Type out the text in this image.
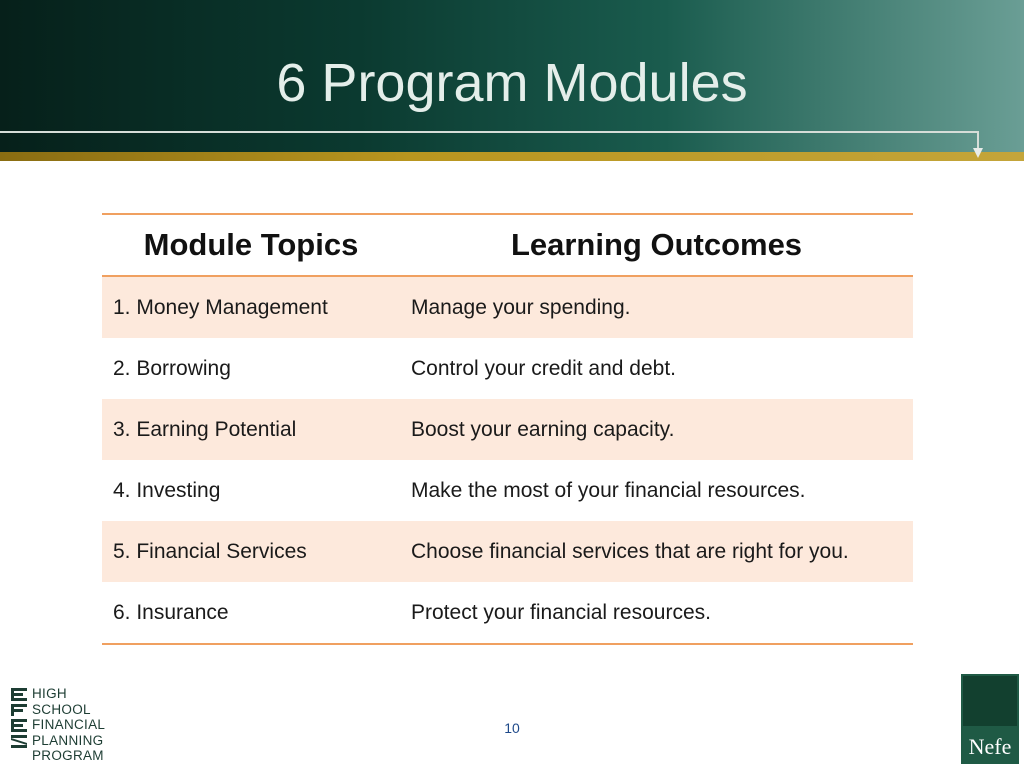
6 Program Modules
Module Topics	Learning Outcomes
1. Money Management	Manage your spending.
2. Borrowing	Control your credit and debt.
3. Earning Potential	Boost your earning capacity.
4. Investing	Make the most of your financial resources.
5. Financial Services	Choose financial services that are right for you.
6. Insurance	Protect your financial resources.
HIGH SCHOOL
FINANCIAL
PLANNING
PROGRAM
10
Nefe
